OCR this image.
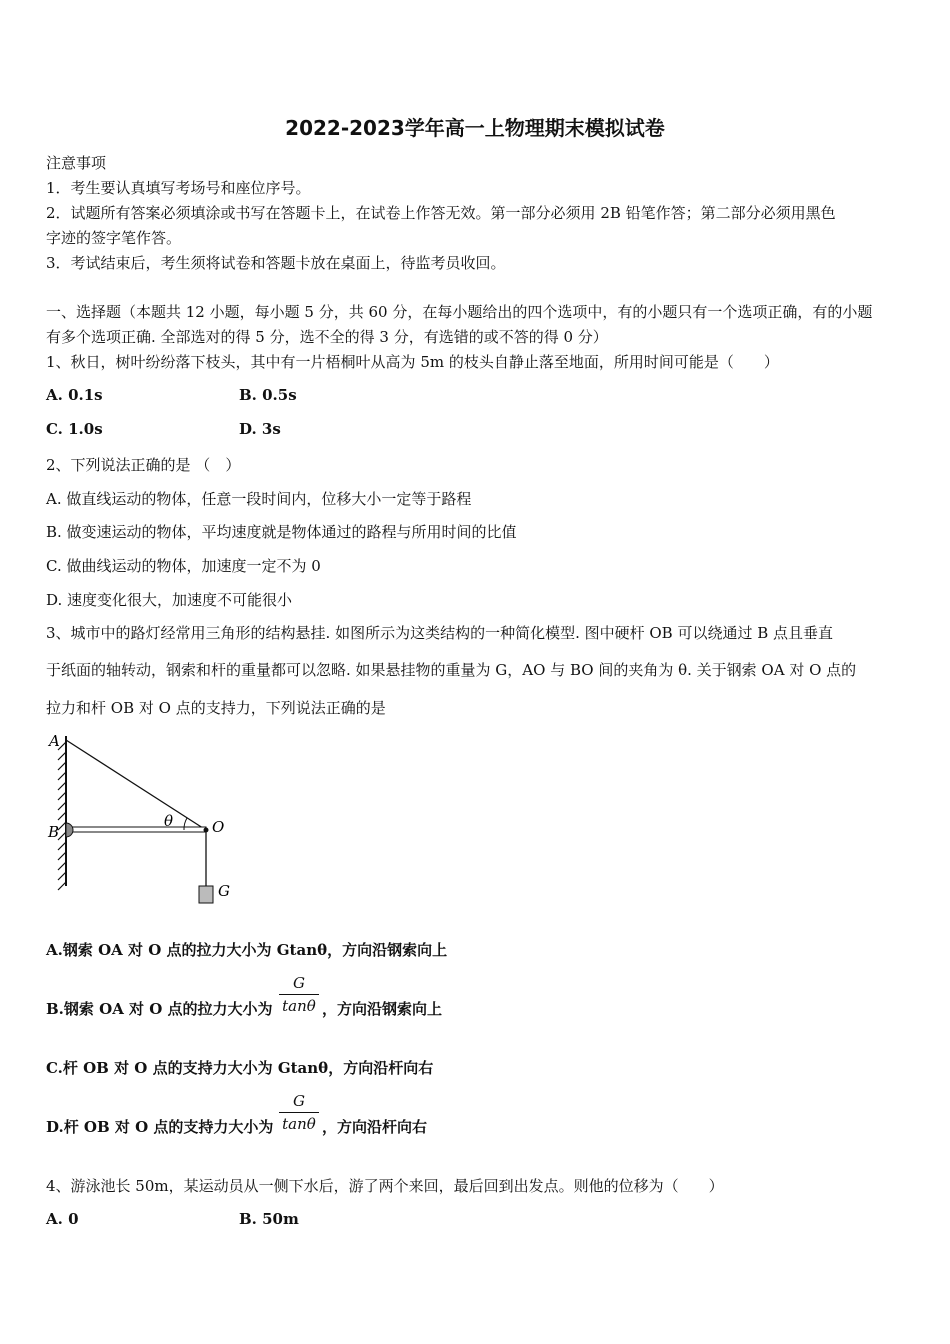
2022-2023学年高一上物理期末模拟试卷
注意事项
1．考生要认真填写考场号和座位序号。
2．试题所有答案必须填涂或书写在答题卡上，在试卷上作答无效。第一部分必须用 2B 铅笔作答；第二部分必须用黑色
字迹的签字笔作答。
3．考试结束后，考生须将试卷和答题卡放在桌面上，待监考员收回。
一、选择题（本题共 12 小题，每小题 5 分，共 60 分，在每小题给出的四个选项中，有的小题只有一个选项正确，有的小题
有多个选项正确. 全部选对的得 5 分，选不全的得 3 分，有选错的或不答的得 0 分）
1、秋日，树叶纷纷落下枝头，其中有一片梧桐叶从高为 5m 的枝头自静止落至地面，所用时间可能是（　　）
A. 0.1s	B. 0.5s
C. 1.0s	D. 3s
2、下列说法正确的是 （　）
A. 做直线运动的物体，任意一段时间内，位移大小一定等于路程
B. 做变速运动的物体，平均速度就是物体通过的路程与所用时间的比值
C. 做曲线运动的物体，加速度一定不为 0
D. 速度变化很大，加速度不可能很小
3、城市中的路灯经常用三角形的结构悬挂. 如图所示为这类结构的一种简化模型. 图中硬杆 OB 可以绕通过 B 点且垂直
于纸面的轴转动，钢索和杆的重量都可以忽略. 如果悬挂物的重量为 G，AO 与 BO 间的夹角为 θ. 关于钢索 OA 对 O 点的
拉力和杆 OB 对 O 点的支持力，下列说法正确的是
A
B	O
G
θ
A.钢索 OA 对 O 点的拉力大小为 Gtanθ，方向沿钢索向上
B.钢索 OA 对 O 点的拉力大小为
G
tanθ ，方向沿钢索向上
C.杆 OB 对 O 点的支持力大小为 Gtanθ，方向沿杆向右
D.杆 OB 对 O 点的支持力大小为
G
tanθ ，方向沿杆向右
4、游泳池长 50m，某运动员从一侧下水后，游了两个来回，最后回到出发点。则他的位移为（　　）
A. 0	B. 50m
